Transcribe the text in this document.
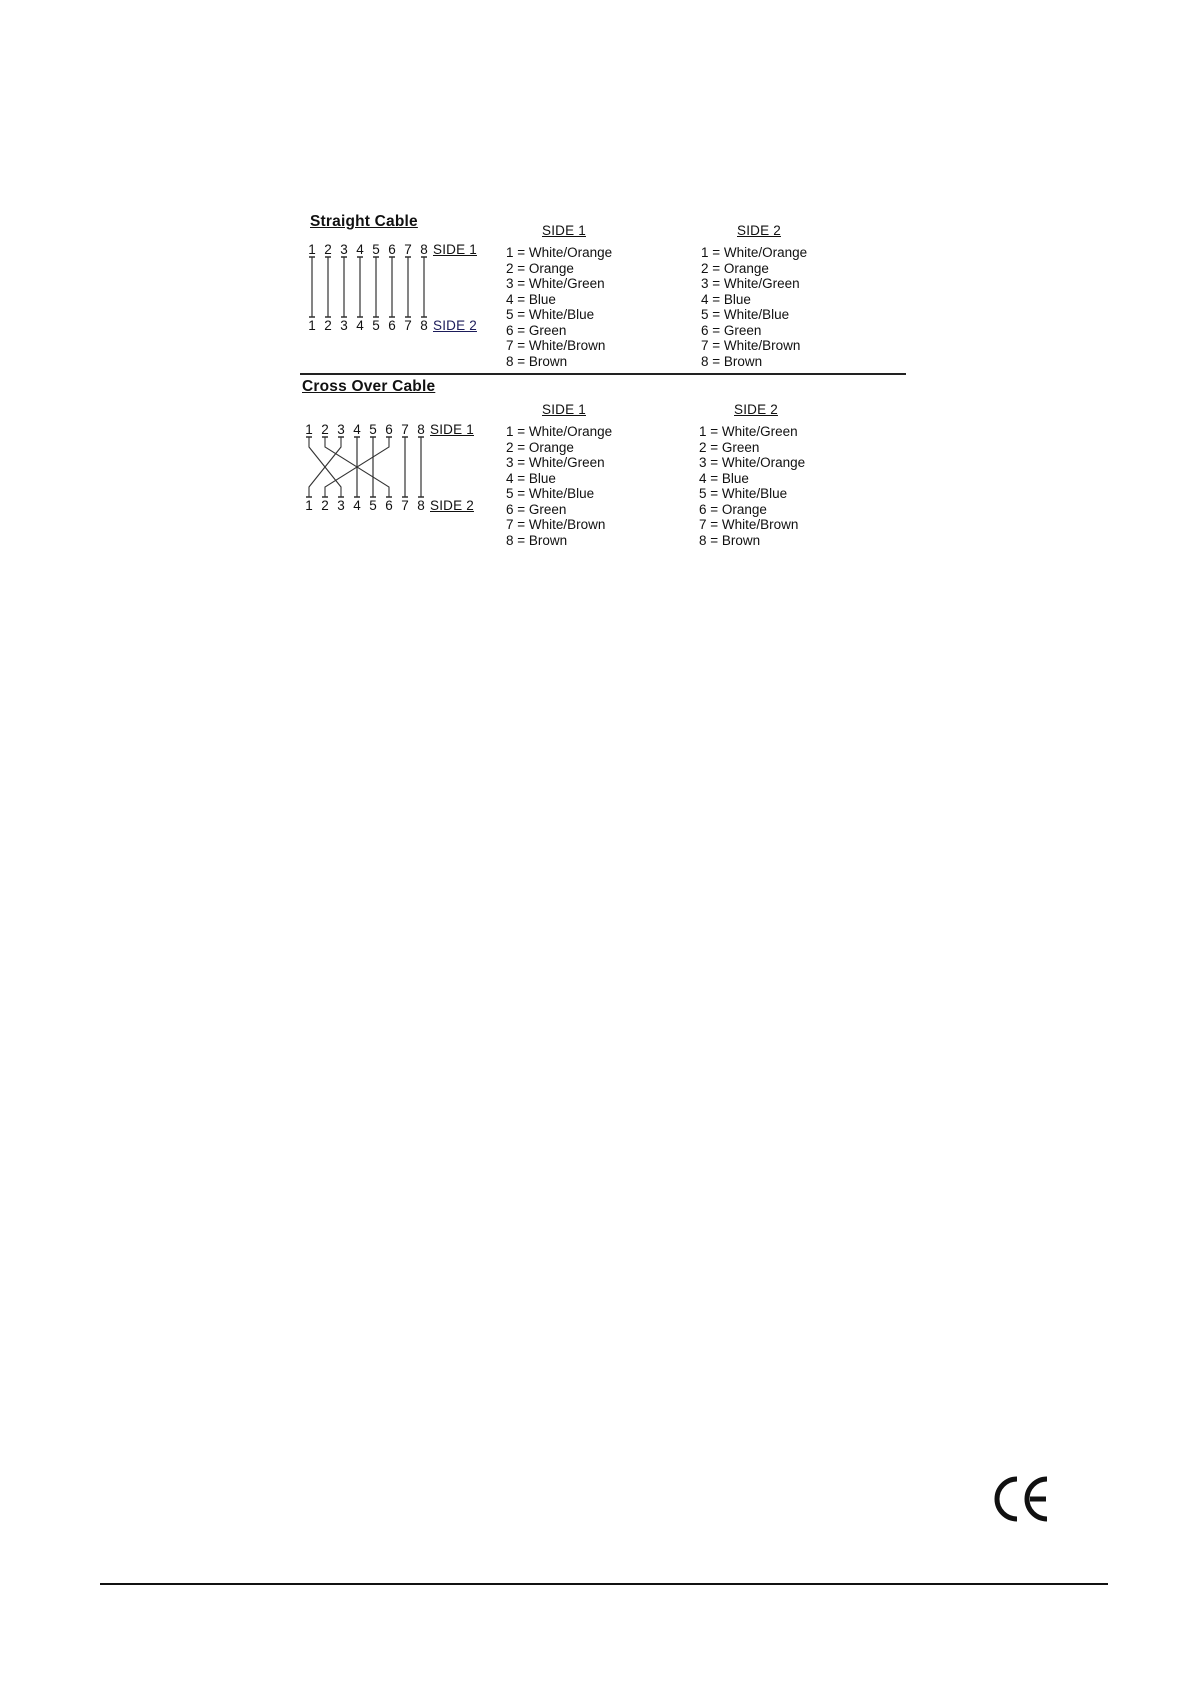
Straight Cable
1 2 3 4 5 6 7 8 SIDE 1
1 2 3 4 5 6 7 8 SIDE 2
SIDE 1	SIDE 2
1 = White/Orange
2 = Orange
3 = White/Green
4 = Blue
5 = White/Blue
6 = Green
7 = White/Brown
8 = Brown
1 = White/Orange
2 = Orange
3 = White/Green
4 = Blue
5 = White/Blue
6 = Green
7 = White/Brown
8 = Brown
Cross Over Cable
1 2 3 4 5 6 7 8 SIDE 1
1 2 3 4 5 6 7 8 SIDE 2
SIDE 1	SIDE 2
1 = White/Orange
2 = Orange
3 = White/Green
4 = Blue
5 = White/Blue
6 = Green
7 = White/Brown
8 = Brown
1 = White/Green
2 = Green
3 = White/Orange
4 = Blue
5 = White/Blue
6 = Orange
7 = White/Brown
8 = Brown
